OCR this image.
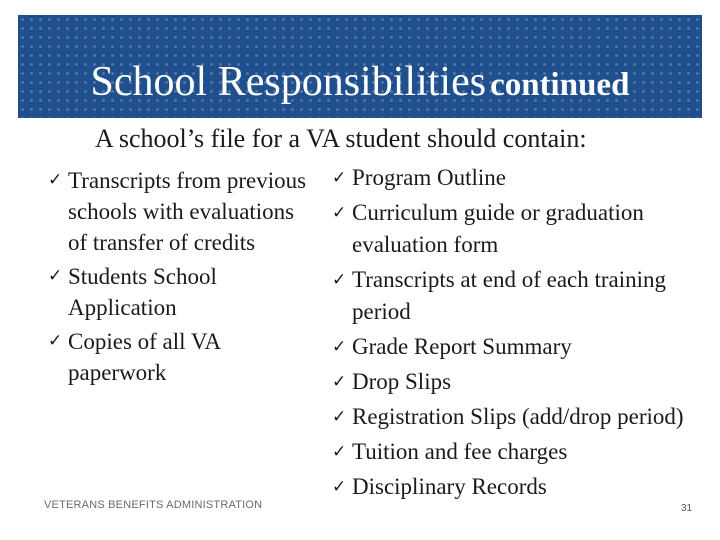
School Responsibilities continued
A school’s file for a VA student should contain:
✓ Transcripts from previous schools with evaluations of transfer of credits
✓ Students School Application
✓ Copies of all VA paperwork
✓ Program Outline
✓ Curriculum guide or graduation evaluation form
✓ Transcripts at end of each training period
✓ Grade Report Summary
✓ Drop Slips
✓ Registration Slips (add/drop period)
✓ Tuition and fee charges
✓ Disciplinary Records
VETERANS BENEFITS ADMINISTRATION	31
